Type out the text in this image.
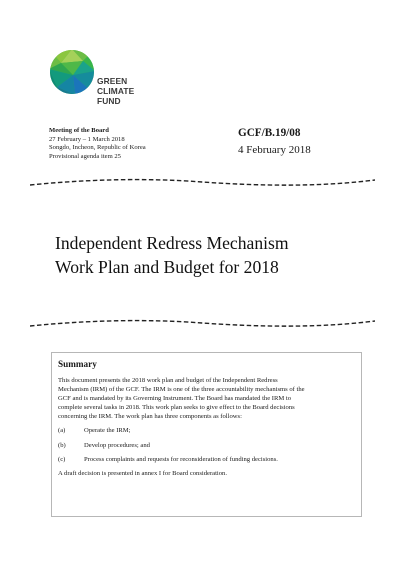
GREEN
CLIMATE
FUND
Meeting of the Board
27 February – 1 March 2018
Songdo, Incheon, Republic of Korea
Provisional agenda item 25
GCF/B.19/08
4 February 2018
Independent Redress Mechanism
Work Plan and Budget for 2018
Summary

This document presents the 2018 work plan and budget of the Independent Redress

Mechanism (IRM) of the GCF. The IRM is one of the three accountability mechanisms of the

GCF and is mandated by its Governing Instrument. The Board has mandated the IRM to

complete several tasks in 2018. This work plan seeks to give effect to the Board decisions

concerning the IRM. The work plan has three components as follows:

(a)	Operate the IRM;
(b)	Develop procedures; and
(c)	Process complaints and requests for reconsideration of funding decisions.
A draft decision is presented in annex I for Board consideration.
